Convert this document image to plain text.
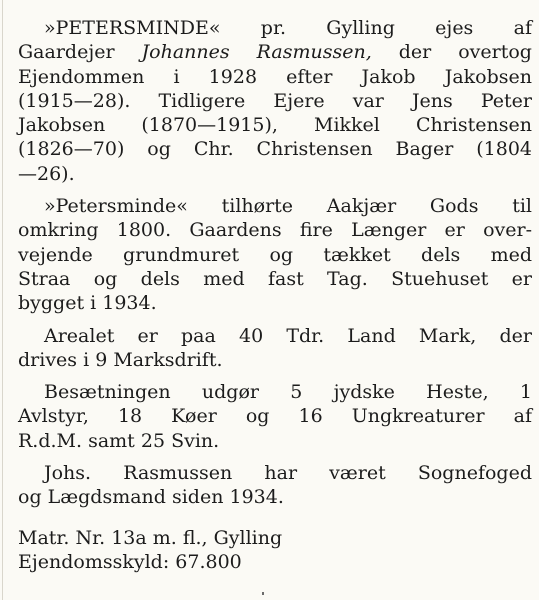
»PETERSMINDE« pr. Gylling ejes af
Gaardejer Johannes Rasmussen, der overtog
Ejendommen i 1928 efter Jakob Jakobsen
(1915—28). Tidligere Ejere var Jens Peter
Jakobsen (1870—1915), Mikkel Christensen
(1826—70) og Chr. Christensen Bager (1804
—26).
»Petersminde« tilhørte Aakjær Gods til
omkring 1800. Gaardens fire Længer er over-
vejende grundmuret og tækket dels med
Straa og dels med fast Tag. Stuehuset er
bygget i 1934.
Arealet er paa 40 Tdr. Land Mark, der
drives i 9 Marksdrift.
Besætningen udgør 5 jydske Heste, 1
Avlstyr, 18 Køer og 16 Ungkreaturer af
R.d.M. samt 25 Svin.
Johs. Rasmussen har været Sognefoged
og Lægdsmand siden 1934.
Matr. Nr. 13a m. fl., Gylling
Ejendomsskyld: 67.800
